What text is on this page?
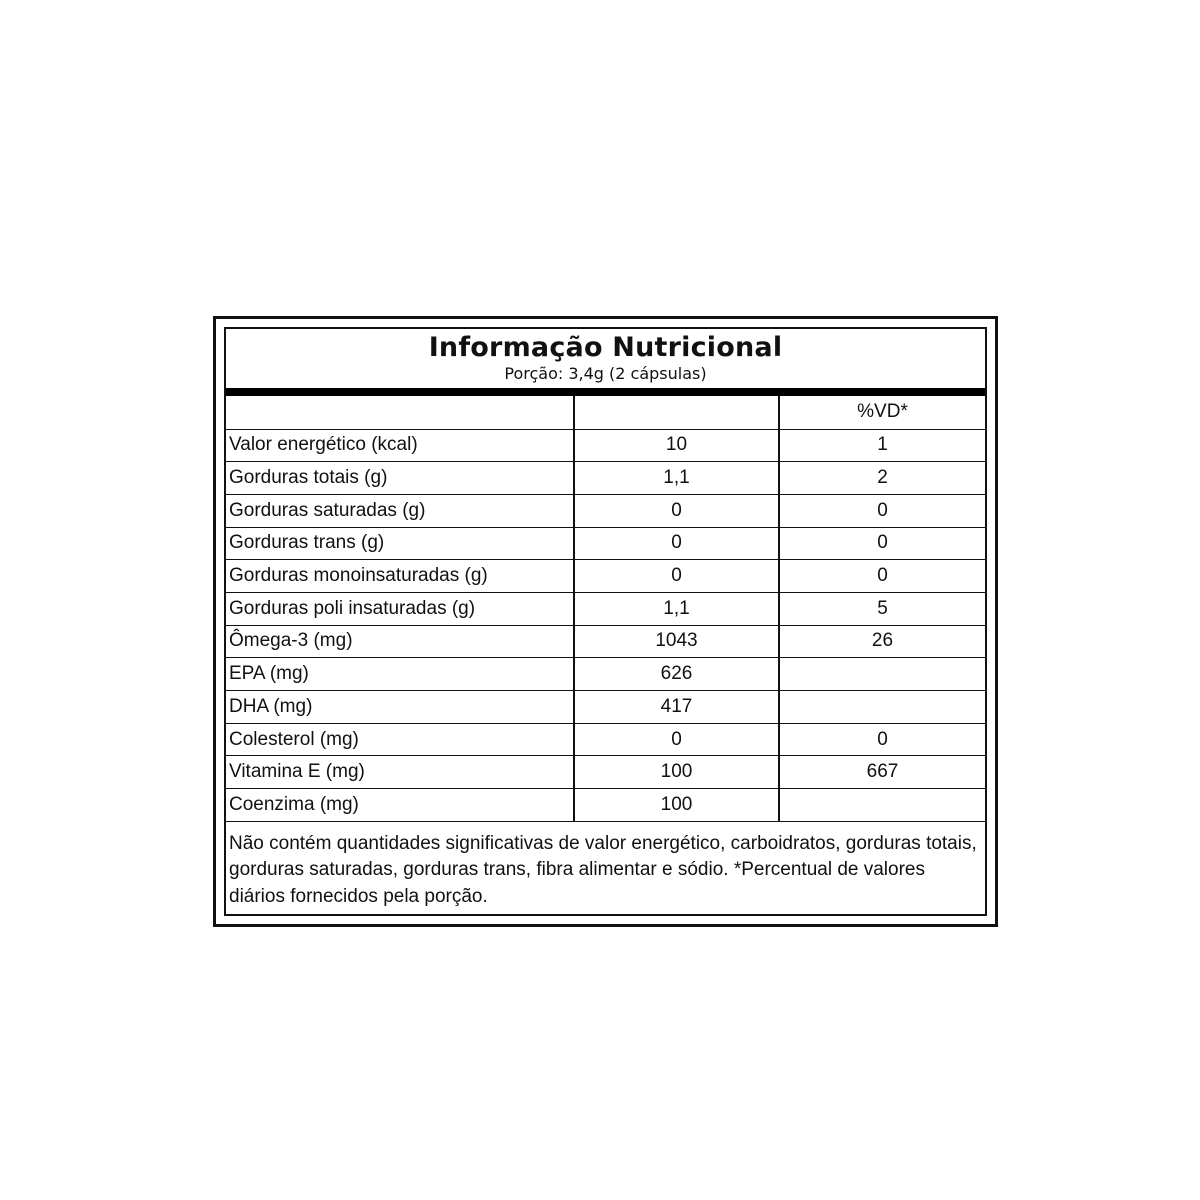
Informação Nutricional
Porção: 3,4g (2 cápsulas)
		%VD*
Valor energético (kcal)	10	1
Gorduras totais (g)	1,1	2
Gorduras saturadas (g)	0	0
Gorduras trans (g)	0	0
Gorduras monoinsaturadas (g)	0	0
Gorduras poli insaturadas (g)	1,1	5
Ômega-3 (mg)	1043	26
EPA (mg)	626	
DHA (mg)	417	
Colesterol (mg)	0	0
Vitamina E (mg)	100	667
Coenzima (mg)	100	
Não contém quantidades significativas de valor energético, carboidratos, gorduras totais, gorduras saturadas, gorduras trans, fibra alimentar e sódio. *Percentual de valores diários fornecidos pela porção.
